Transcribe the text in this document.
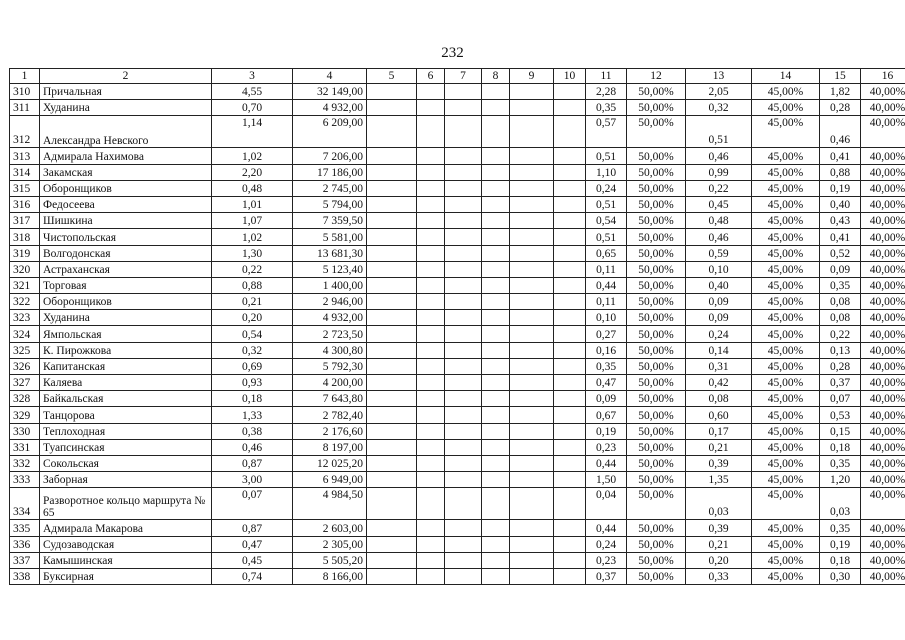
232
1	2	3	4	5	6	7	8	9	10	11	12	13	14	15	16
310	Причальная	4,55	32 149,00							2,28	50,00%	2,05	45,00%	1,82	40,00%
311	Худанина	0,70	4 932,00							0,35	50,00%	0,32	45,00%	0,28	40,00%
312	Александра Невского	1,14	6 209,00							0,57	50,00%	0,51	45,00%	0,46	40,00%
313	Адмирала Нахимова	1,02	7 206,00							0,51	50,00%	0,46	45,00%	0,41	40,00%
314	Закамская	2,20	17 186,00							1,10	50,00%	0,99	45,00%	0,88	40,00%
315	Оборонщиков	0,48	2 745,00							0,24	50,00%	0,22	45,00%	0,19	40,00%
316	Федосеева	1,01	5 794,00							0,51	50,00%	0,45	45,00%	0,40	40,00%
317	Шишкина	1,07	7 359,50							0,54	50,00%	0,48	45,00%	0,43	40,00%
318	Чистопольская	1,02	5 581,00							0,51	50,00%	0,46	45,00%	0,41	40,00%
319	Волгодонская	1,30	13 681,30							0,65	50,00%	0,59	45,00%	0,52	40,00%
320	Астраханская	0,22	5 123,40							0,11	50,00%	0,10	45,00%	0,09	40,00%
321	Торговая	0,88	1 400,00							0,44	50,00%	0,40	45,00%	0,35	40,00%
322	Оборонщиков	0,21	2 946,00							0,11	50,00%	0,09	45,00%	0,08	40,00%
323	Худанина	0,20	4 932,00							0,10	50,00%	0,09	45,00%	0,08	40,00%
324	Ямпольская	0,54	2 723,50							0,27	50,00%	0,24	45,00%	0,22	40,00%
325	К. Пирожкова	0,32	4 300,80							0,16	50,00%	0,14	45,00%	0,13	40,00%
326	Капитанская	0,69	5 792,30							0,35	50,00%	0,31	45,00%	0,28	40,00%
327	Каляева	0,93	4 200,00							0,47	50,00%	0,42	45,00%	0,37	40,00%
328	Байкальская	0,18	7 643,80							0,09	50,00%	0,08	45,00%	0,07	40,00%
329	Танцорова	1,33	2 782,40							0,67	50,00%	0,60	45,00%	0,53	40,00%
330	Теплоходная	0,38	2 176,60							0,19	50,00%	0,17	45,00%	0,15	40,00%
331	Туапсинская	0,46	8 197,00							0,23	50,00%	0,21	45,00%	0,18	40,00%
332	Сокольская	0,87	12 025,20							0,44	50,00%	0,39	45,00%	0,35	40,00%
333	Заборная	3,00	6 949,00							1,50	50,00%	1,35	45,00%	1,20	40,00%
334	Разворотное кольцо маршрута № 65	0,07	4 984,50							0,04	50,00%	0,03	45,00%	0,03	40,00%
335	Адмирала Макарова	0,87	2 603,00							0,44	50,00%	0,39	45,00%	0,35	40,00%
336	Судозаводская	0,47	2 305,00							0,24	50,00%	0,21	45,00%	0,19	40,00%
337	Камышинская	0,45	5 505,20							0,23	50,00%	0,20	45,00%	0,18	40,00%
338	Буксирная	0,74	8 166,00							0,37	50,00%	0,33	45,00%	0,30	40,00%
